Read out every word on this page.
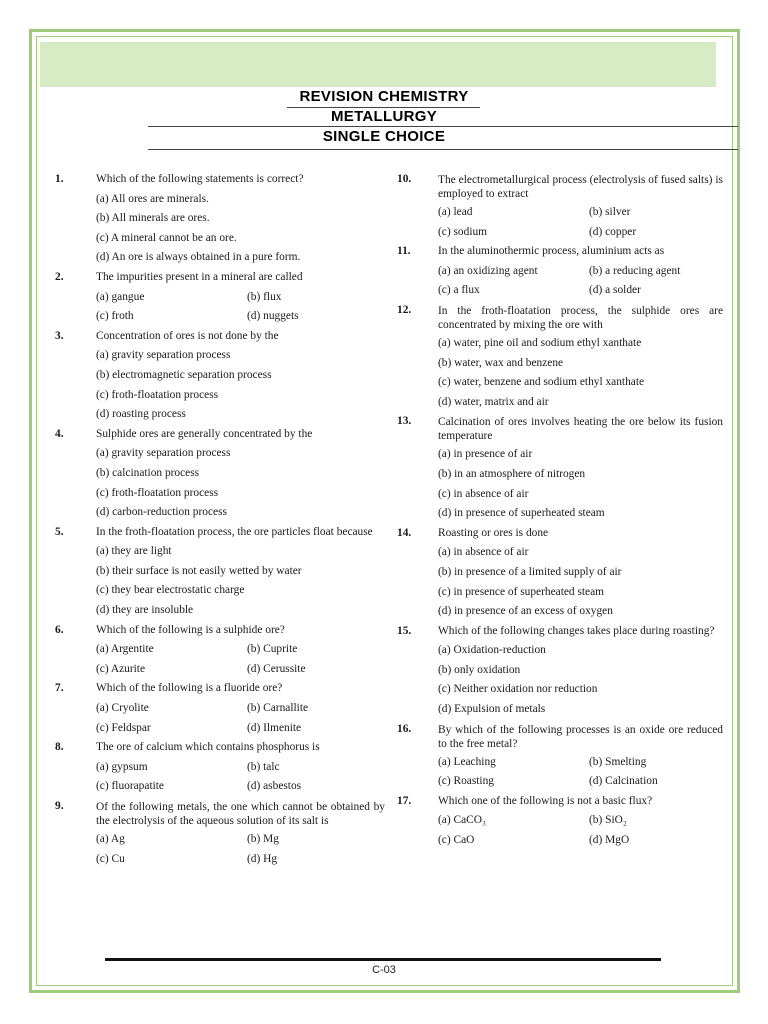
REVISION CHEMISTRY
METALLURGY
SINGLE CHOICE
1.	Which of the following statements is correct?
(a) All ores are minerals.
(b) All minerals are ores.
(c) A mineral cannot be an ore.
(d) An ore is always obtained in a pure form.
2.	The impurities present in a mineral are called
(a) gangue	(b) flux
(c) froth	(d) nuggets
3.	Concentration of ores is not done by the
(a) gravity separation process
(b) electromagnetic separation process
(c) froth-floatation process
(d) roasting process
4.	Sulphide ores are generally concentrated by the
(a) gravity separation process
(b) calcination process
(c) froth-floatation process
(d) carbon-reduction process
5.	In the froth-floatation process, the ore particles float because
(a) they are light
(b) their surface is not easily wetted by water
(c) they bear electrostatic charge
(d) they are insoluble
6.	Which of the following is a sulphide ore?
(a) Argentite	(b) Cuprite
(c) Azurite	(d) Cerussite
7.	Which of the following is a fluoride ore?
(a) Cryolite	(b) Carnallite
(c) Feldspar	(d) Ilmenite
8.	The ore of calcium which contains phosphorus is
(a) gypsum	(b) talc
(c) fluorapatite	(d) asbestos
9.	Of the following metals, the one which cannot be obtained by the electrolysis of the aqueous solution of its salt is
(a) Ag	(b) Mg
(c) Cu	(d) Hg
10.	The electrometallurgical process (electrolysis of fused salts) is employed to extract
(a) lead	(b) silver
(c) sodium	(d) copper
11.	In the aluminothermic process, aluminium acts as
(a) an oxidizing agent	(b) a reducing agent
(c) a flux	(d) a solder
12.	In the froth-floatation process, the sulphide ores are concentrated by mixing the ore with
(a) water, pine oil and sodium ethyl xanthate
(b) water, wax and benzene
(c) water, benzene and sodium ethyl xanthate
(d) water, matrix and air
13.	Calcination of ores involves heating the ore below its fusion temperature
(a) in presence of air
(b) in an atmosphere of nitrogen
(c) in absence of air
(d) in presence of superheated steam
14.	Roasting or ores is done
(a) in absence of air
(b) in presence of a limited supply of air
(c) in presence of superheated steam
(d) in presence of an excess of oxygen
15.	Which of the following changes takes place during roasting?
(a) Oxidation-reduction
(b) only oxidation
(c) Neither oxidation nor reduction
(d) Expulsion of metals
16.	By which of the following processes is an oxide ore reduced to the free metal?
(a) Leaching	(b) Smelting
(c) Roasting	(d) Calcination
17.	Which one of the following is not a basic flux?
(a) CaCO₃	(b) SiO₂
(c) CaO	(d) MgO
C-03
